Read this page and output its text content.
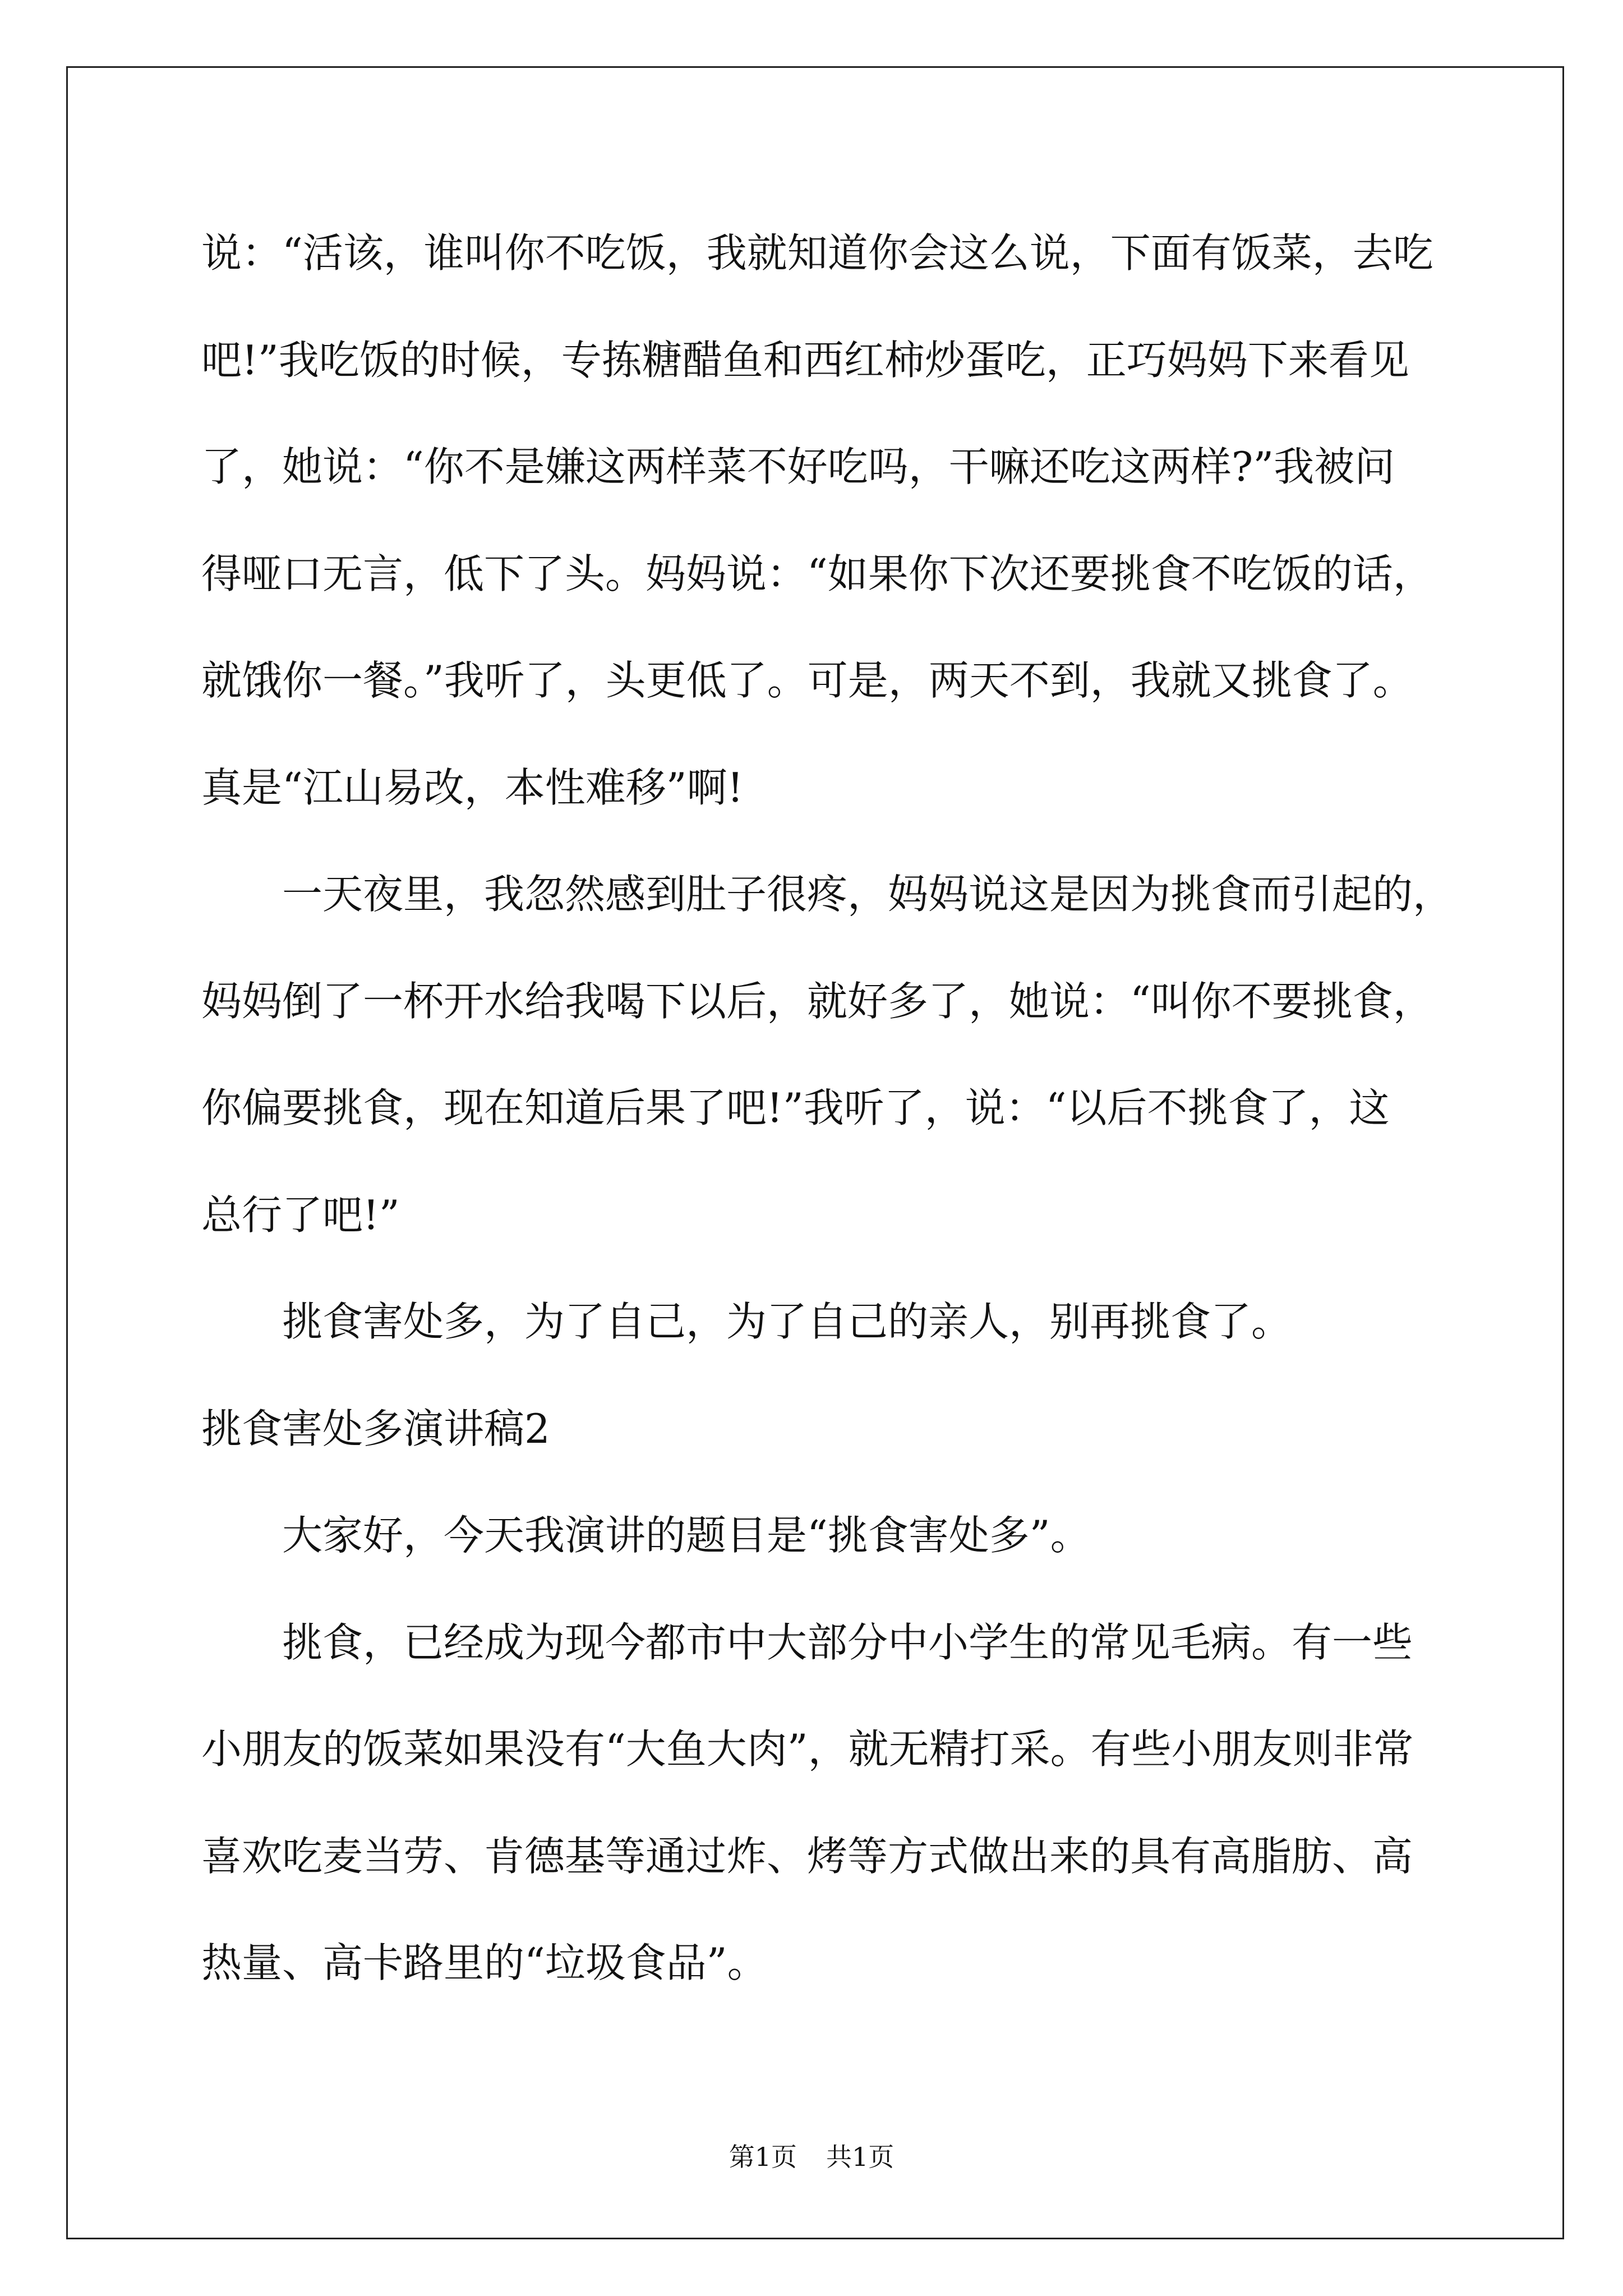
说：“活该，谁叫你不吃饭，我就知道你会这么说，下面有饭菜，去吃
吧!”我吃饭的时候，专拣糖醋鱼和西红柿炒蛋吃，正巧妈妈下来看见
了，她说：“你不是嫌这两样菜不好吃吗，干嘛还吃这两样?”我被问
得哑口无言，低下了头。妈妈说：“如果你下次还要挑食不吃饭的话，
就饿你一餐。”我听了，头更低了。可是，两天不到，我就又挑食了。
真是“江山易改，本性难移”啊!
一天夜里，我忽然感到肚子很疼，妈妈说这是因为挑食而引起的，
妈妈倒了一杯开水给我喝下以后，就好多了，她说：“叫你不要挑食，
你偏要挑食，现在知道后果了吧!”我听了，说：“以后不挑食了，这
总行了吧!”
挑食害处多，为了自己，为了自己的亲人，别再挑食了。
挑食害处多演讲稿2
大家好，今天我演讲的题目是“挑食害处多”。
挑食，已经成为现今都市中大部分中小学生的常见毛病。有一些
小朋友的饭菜如果没有“大鱼大肉”，就无精打采。有些小朋友则非常
喜欢吃麦当劳、肯德基等通过炸、烤等方式做出来的具有高脂肪、高
热量、高卡路里的“垃圾食品”。
第1页 共1页
